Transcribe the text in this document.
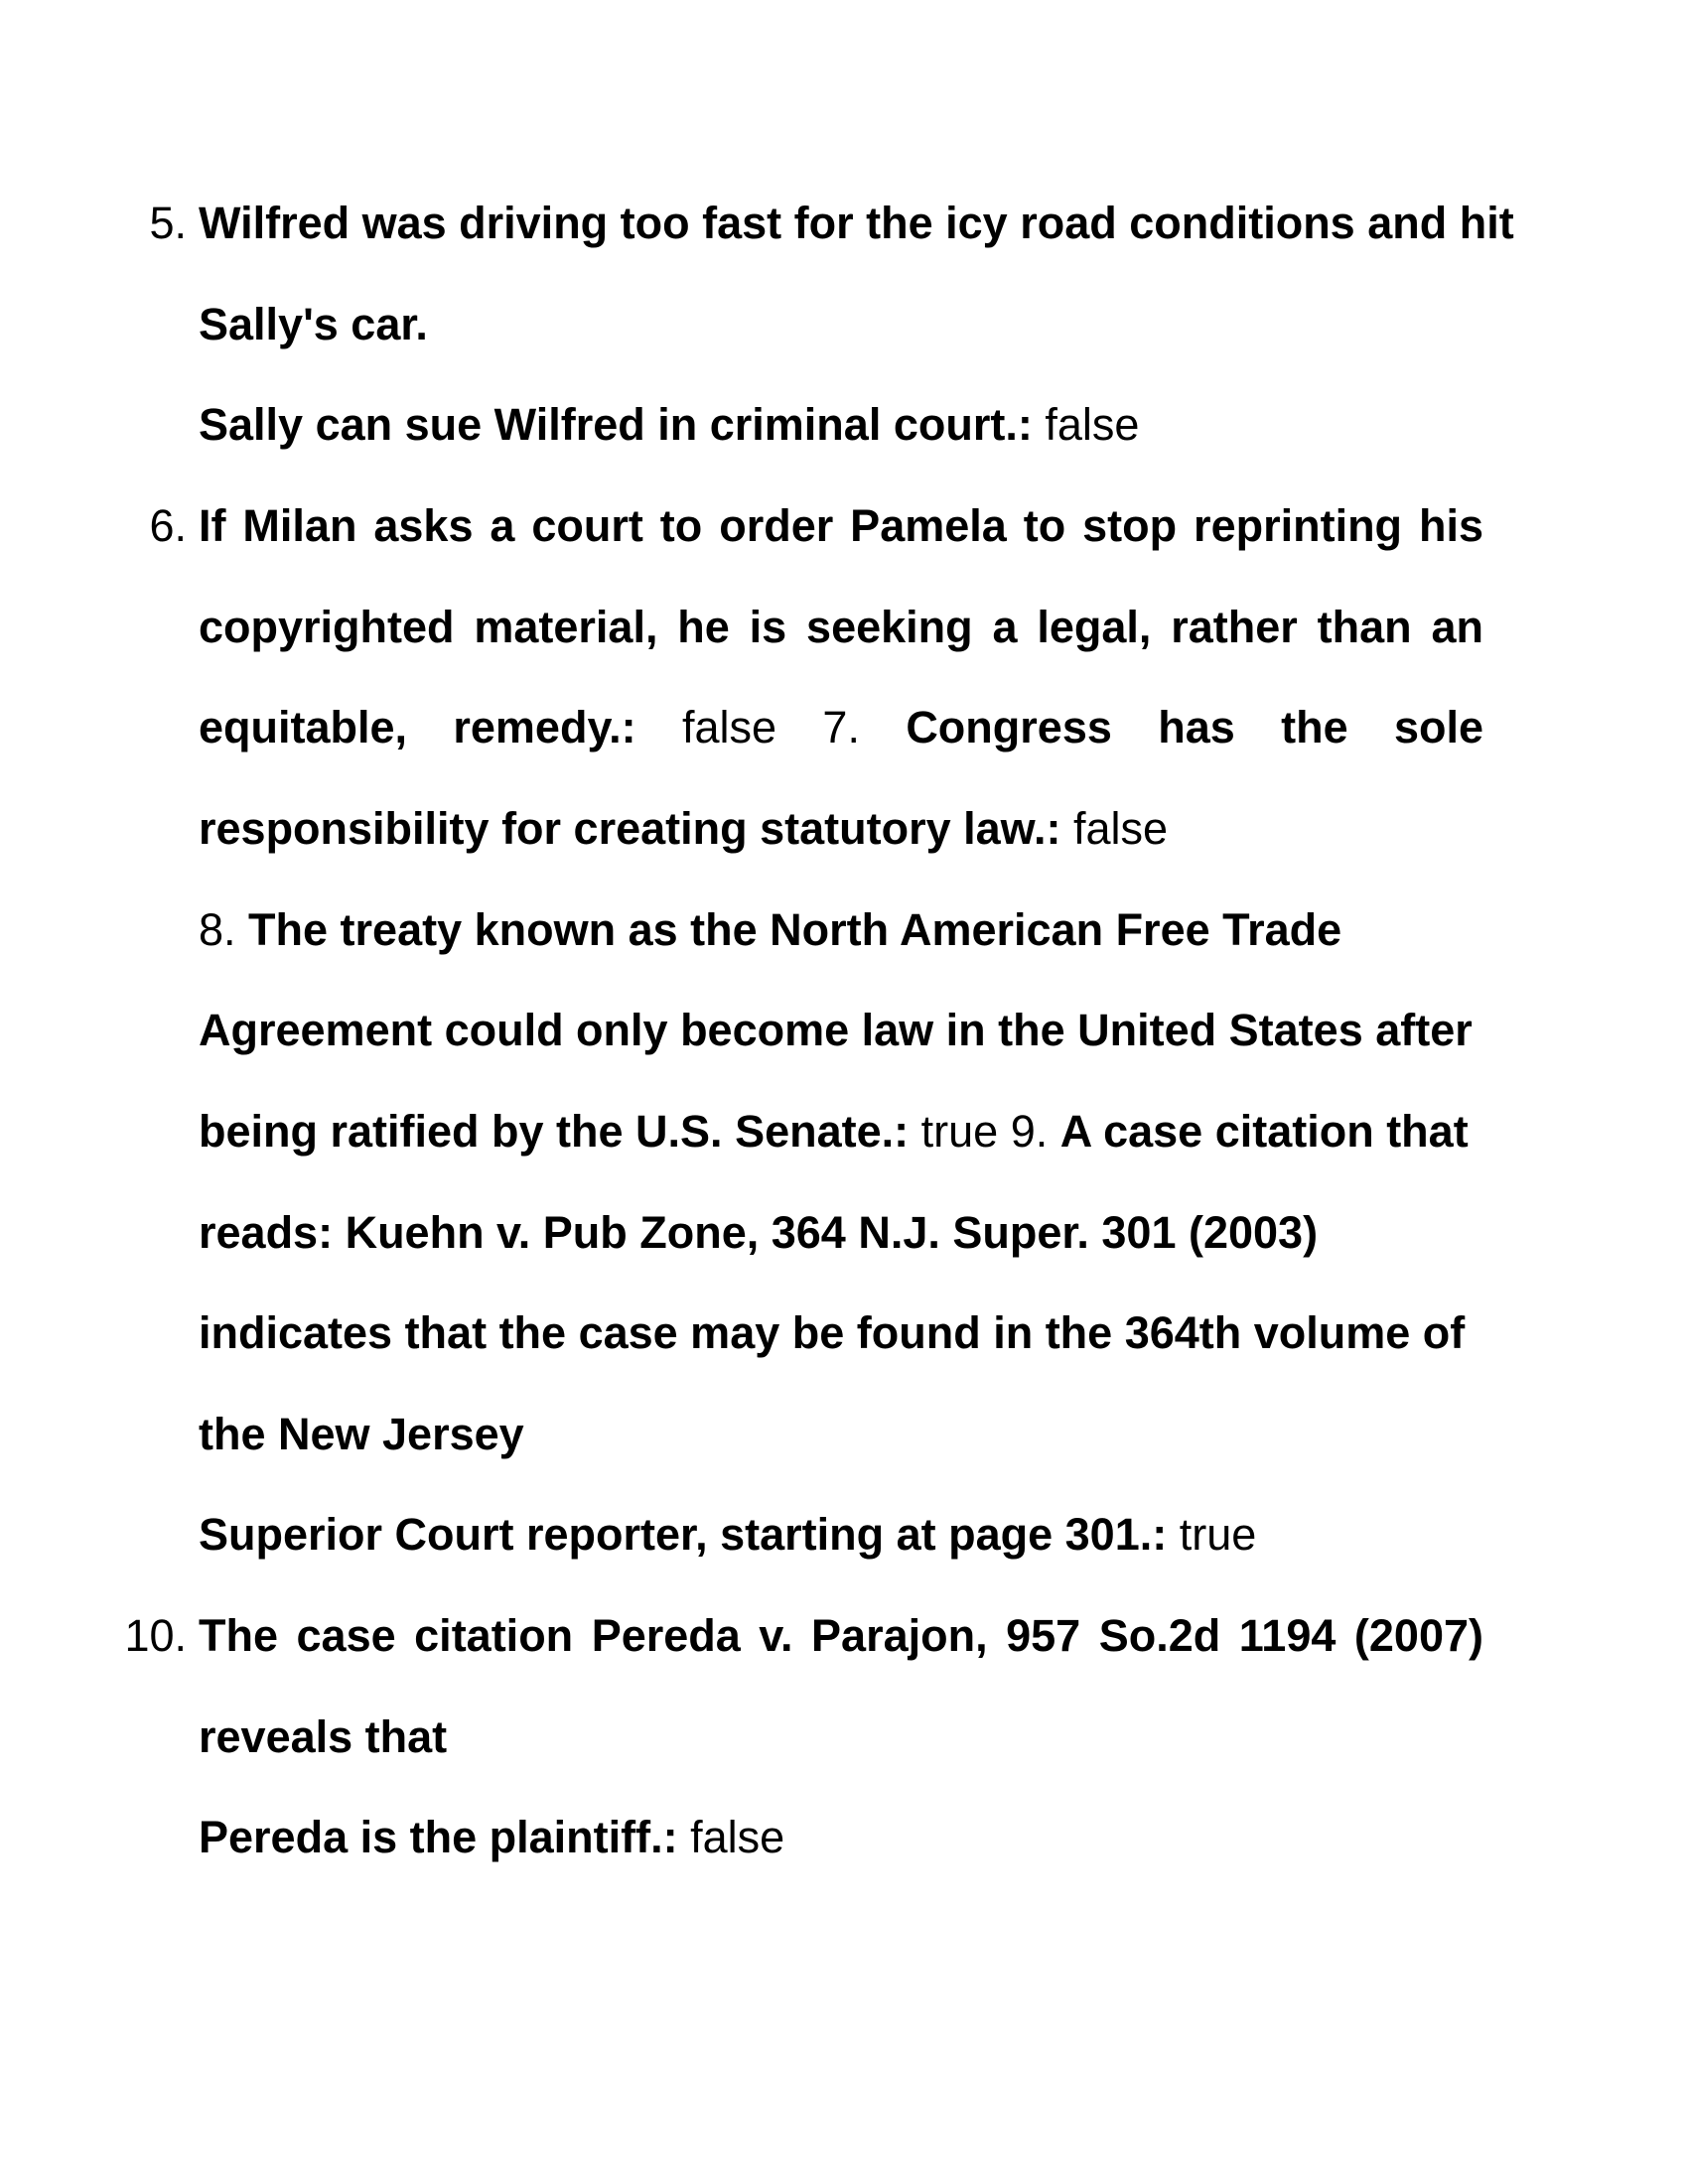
5. Wilfred was driving too fast for the icy road conditions and hit
Sally's car.
Sally can sue Wilfred in criminal court.: false
6. If Milan asks a court to order Pamela to stop reprinting his
copyrighted material, he is seeking a legal, rather than an
equitable, remedy.: false 7. Congress has the sole
responsibility for creating statutory law.: false
8. The treaty known as the North American Free Trade
Agreement could only become law in the United States after
being ratified by the U.S. Senate.: true 9. A case citation that
reads: Kuehn v. Pub Zone, 364 N.J. Super. 301 (2003)
indicates that the case may be found in the 364th volume of
the New Jersey
Superior Court reporter, starting at page 301.: true
10. The case citation Pereda v. Parajon, 957 So.2d 1194 (2007)
reveals that
Pereda is the plaintiff.: false
